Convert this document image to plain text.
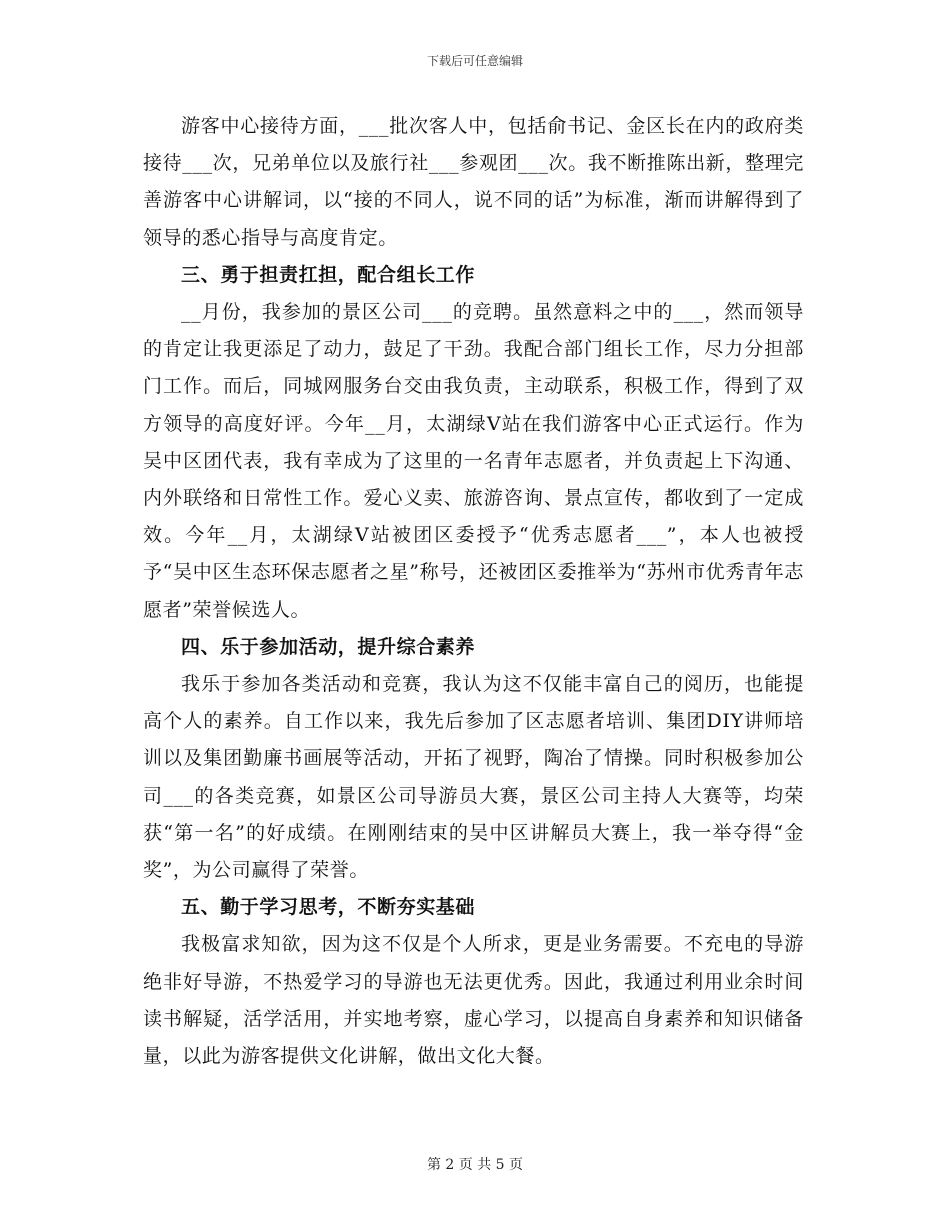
下载后可任意编辑

游客中心接待方面，___批次客人中，包括俞书记、金区长在内的政府类接待___次，兄弟单位以及旅行社___参观团___次。我不断推陈出新，整理完善游客中心讲解词，以“接的不同人，说不同的话”为标准，渐而讲解得到了领导的悉心指导与高度肯定。

三、勇于担责扛担，配合组长工作

__月份，我参加的景区公司___的竞聘。虽然意料之中的___，然而领导的肯定让我更添足了动力，鼓足了干劲。我配合部门组长工作，尽力分担部门工作。而后，同城网服务台交由我负责，主动联系，积极工作，得到了双方领导的高度好评。今年__月，太湖绿Ⅴ站在我们游客中心正式运行。作为吴中区团代表，我有幸成为了这里的一名青年志愿者，并负责起上下沟通、内外联络和日常性工作。爱心义卖、旅游咨询、景点宣传，都收到了一定成效。今年__月，太湖绿Ⅴ站被团区委授予“优秀志愿者___”，本人也被授予“吴中区生态环保志愿者之星”称号，还被团区委推举为“苏州市优秀青年志愿者”荣誉候选人。

四、乐于参加活动，提升综合素养

我乐于参加各类活动和竞赛，我认为这不仅能丰富自己的阅历，也能提高个人的素养。自工作以来，我先后参加了区志愿者培训、集团DIY讲师培训以及集团勤廉书画展等活动，开拓了视野，陶冶了情操。同时积极参加公司___的各类竞赛，如景区公司导游员大赛，景区公司主持人大赛等，均荣获“第一名”的好成绩。在刚刚结束的吴中区讲解员大赛上，我一举夺得“金奖”，为公司赢得了荣誉。

五、勤于学习思考，不断夯实基础

我极富求知欲，因为这不仅是个人所求，更是业务需要。不充电的导游绝非好导游，不热爱学习的导游也无法更优秀。因此，我通过利用业余时间读书解疑，活学活用，并实地考察，虚心学习，以提高自身素养和知识储备量，以此为游客提供文化讲解，做出文化大餐。

第 2 页 共 5 页
